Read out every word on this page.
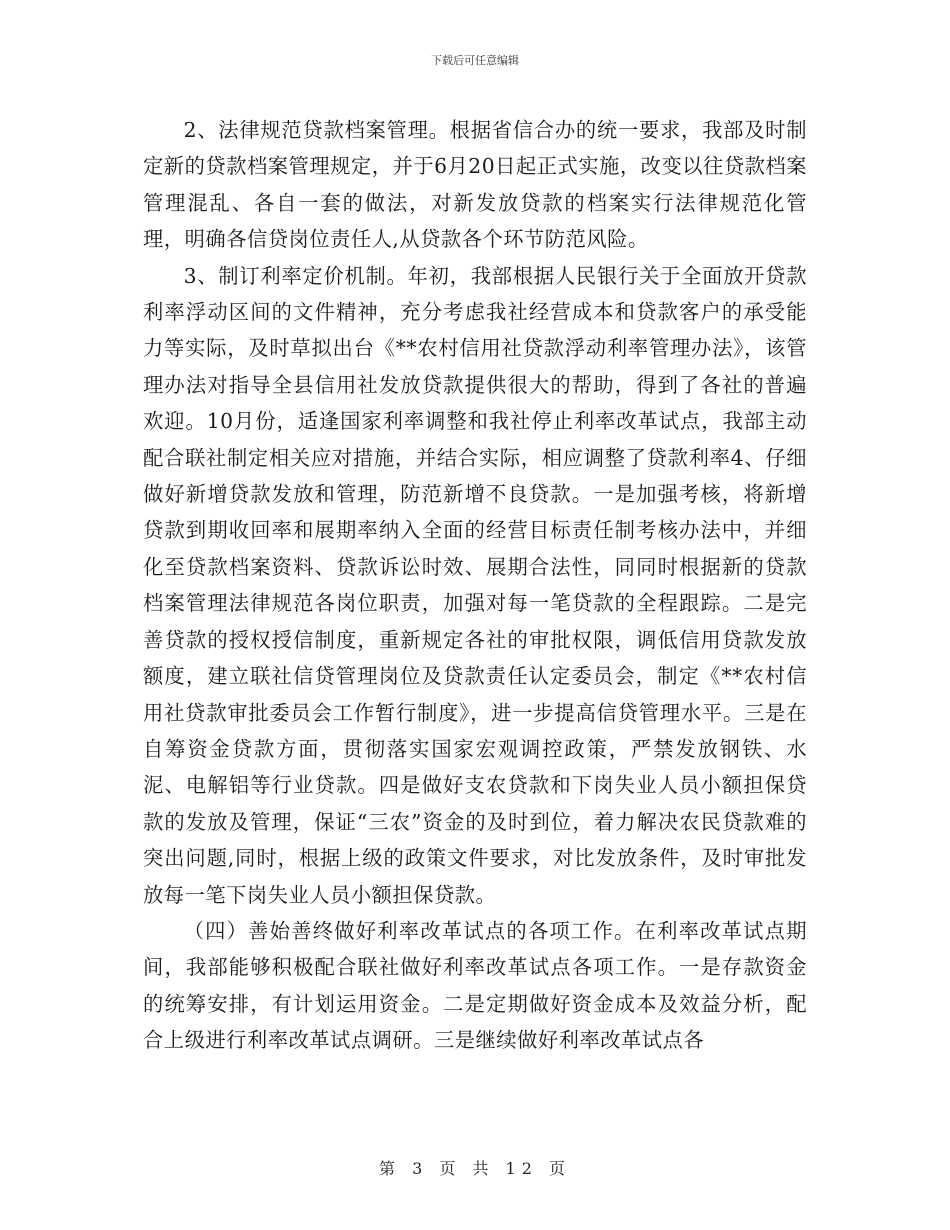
下载后可任意编辑

2、法律规范贷款档案管理。根据省信合办的统一要求，我部及时制定新的贷款档案管理规定，并于6月20日起正式实施，改变以往贷款档案管理混乱、各自一套的做法，对新发放贷款的档案实行法律规范化管理，明确各信贷岗位责任人,从贷款各个环节防范风险。

3、制订利率定价机制。年初，我部根据人民银行关于全面放开贷款利率浮动区间的文件精神，充分考虑我社经营成本和贷款客户的承受能力等实际，及时草拟出台《**农村信用社贷款浮动利率管理办法》，该管理办法对指导全县信用社发放贷款提供很大的帮助，得到了各社的普遍欢迎。10月份，适逢国家利率调整和我社停止利率改革试点，我部主动配合联社制定相关应对措施，并结合实际，相应调整了贷款利率4、仔细做好新增贷款发放和管理，防范新增不良贷款。一是加强考核，将新增贷款到期收回率和展期率纳入全面的经营目标责任制考核办法中，并细化至贷款档案资料、贷款诉讼时效、展期合法性，同同时根据新的贷款档案管理法律规范各岗位职责，加强对每一笔贷款的全程跟踪。二是完善贷款的授权授信制度，重新规定各社的审批权限，调低信用贷款发放额度，建立联社信贷管理岗位及贷款责任认定委员会，制定《**农村信用社贷款审批委员会工作暂行制度》，进一步提高信贷管理水平。三是在自筹资金贷款方面，贯彻落实国家宏观调控政策，严禁发放钢铁、水泥、电解铝等行业贷款。四是做好支农贷款和下岗失业人员小额担保贷款的发放及管理，保证“三农”资金的及时到位，着力解决农民贷款难的突出问题,同时，根据上级的政策文件要求，对比发放条件，及时审批发放每一笔下岗失业人员小额担保贷款。

（四）善始善终做好利率改革试点的各项工作。在利率改革试点期间，我部能够积极配合联社做好利率改革试点各项工作。一是存款资金的统筹安排，有计划运用资金。二是定期做好资金成本及效益分析，配合上级进行利率改革试点调研。三是继续做好利率改革试点各

第 3 页 共 12 页
